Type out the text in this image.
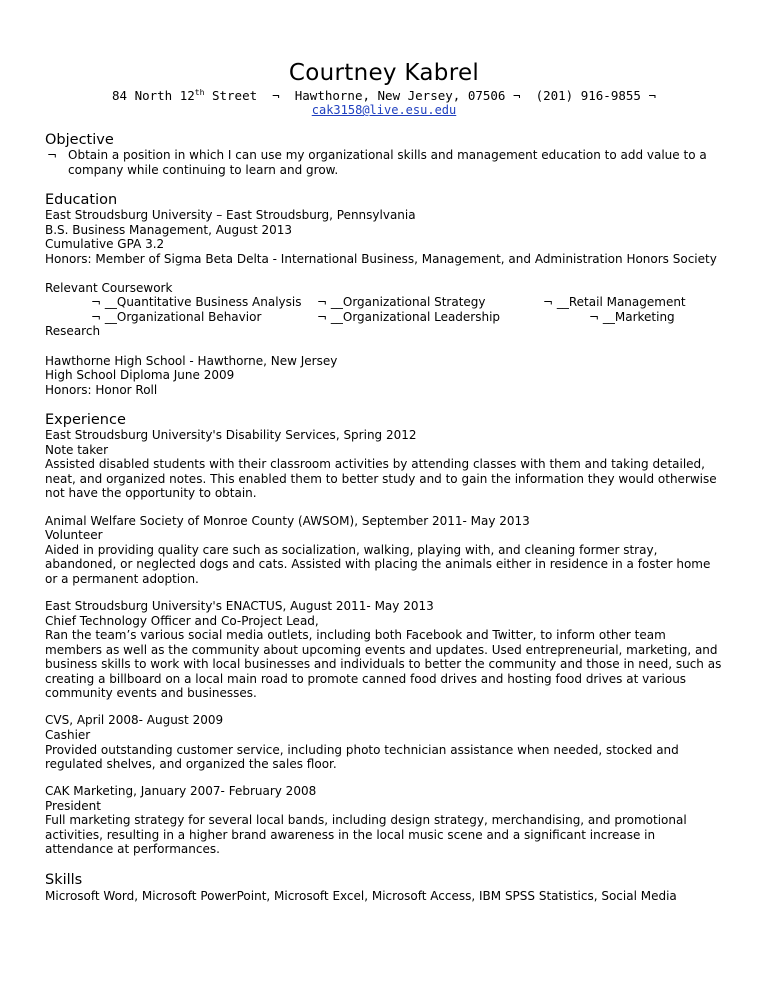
Courtney Kabrel
84 North 12th Street  ¬  Hawthorne, New Jersey, 07506 ¬  (201) 916-9855 ¬
cak3158@live.esu.edu
Objective
¬ Obtain a position in which I can use my organizational skills and management education to add value to a
company while continuing to learn and grow.
Education
East Stroudsburg University – East Stroudsburg, Pennsylvania
B.S. Business Management, August 2013
Cumulative GPA 3.2
Honors: Member of Sigma Beta Delta - International Business, Management, and Administration Honors Society
Relevant Coursework
¬ __Quantitative Business Analysis ¬ __Organizational Strategy	¬ __Retail Management
¬ __Organizational Behavior	¬ __Organizational Leadership	¬ __Marketing
Research
Hawthorne High School - Hawthorne, New Jersey
High School Diploma June 2009
Honors: Honor Roll
Experience
East Stroudsburg University's Disability Services, Spring 2012
Note taker
Assisted disabled students with their classroom activities by attending classes with them and taking detailed,
neat, and organized notes. This enabled them to better study and to gain the information they would otherwise
not have the opportunity to obtain.
Animal Welfare Society of Monroe County (AWSOM), September 2011- May 2013
Volunteer
Aided in providing quality care such as socialization, walking, playing with, and cleaning former stray,
abandoned, or neglected dogs and cats. Assisted with placing the animals either in residence in a foster home
or a permanent adoption.
East Stroudsburg University's ENACTUS, August 2011- May 2013
Chief Technology Officer and Co-Project Lead,
Ran the team’s various social media outlets, including both Facebook and Twitter, to inform other team
members as well as the community about upcoming events and updates. Used entrepreneurial, marketing, and
business skills to work with local businesses and individuals to better the community and those in need, such as
creating a billboard on a local main road to promote canned food drives and hosting food drives at various
community events and businesses.
CVS, April 2008- August 2009
Cashier
Provided outstanding customer service, including photo technician assistance when needed, stocked and
regulated shelves, and organized the sales floor.
CAK Marketing, January 2007- February 2008
President
Full marketing strategy for several local bands, including design strategy, merchandising, and promotional
activities, resulting in a higher brand awareness in the local music scene and a significant increase in
attendance at performances.
Skills
Microsoft Word, Microsoft PowerPoint, Microsoft Excel, Microsoft Access, IBM SPSS Statistics, Social Media
